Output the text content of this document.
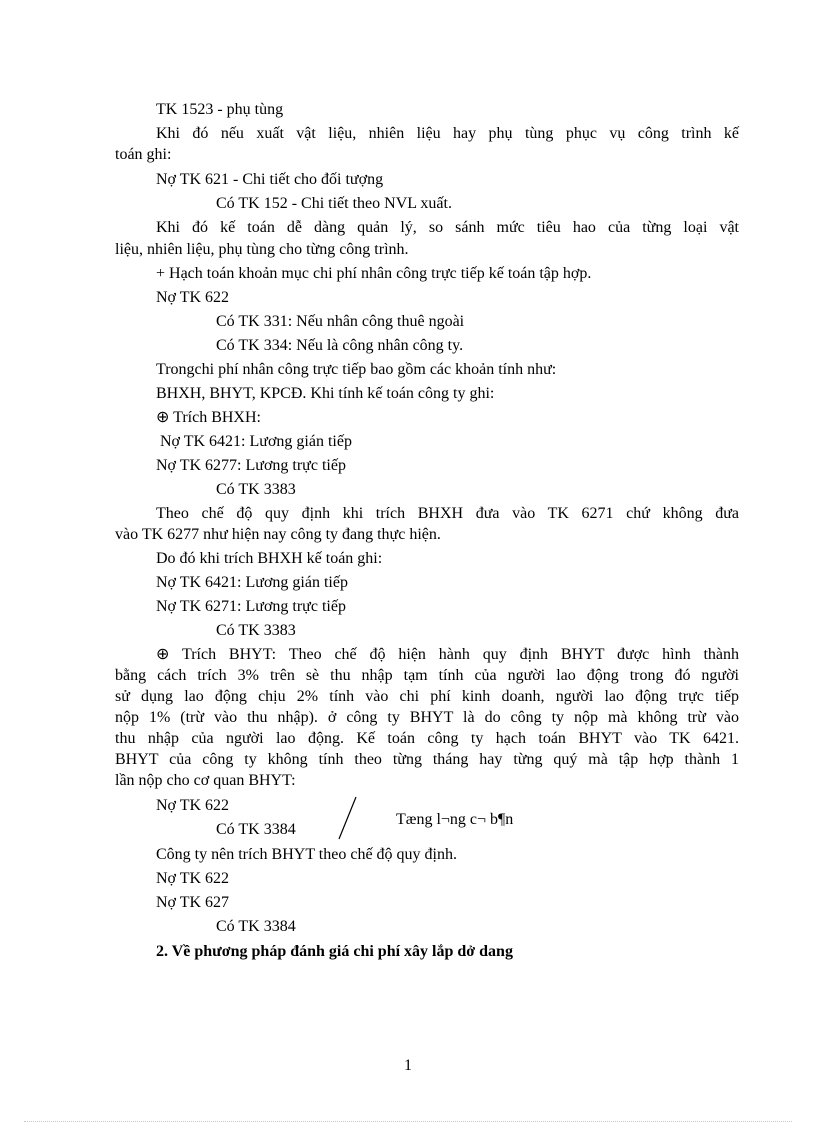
TK 1523 - phụ tùng
Khi đó nếu xuất vật liệu, nhiên liệu hay phụ tùng phục vụ công trình kế
toán ghi:
Nợ TK 621 - Chi tiết cho đối tượng
Có TK 152 - Chi tiết theo NVL xuất.
Khi đó kế toán dễ dàng quản lý, so sánh mức tiêu hao của từng loại vật
liệu, nhiên liệu, phụ tùng cho từng công trình.
+ Hạch toán khoản mục chi phí nhân công trực tiếp kế toán tập hợp.
Nợ TK 622
Có TK 331: Nếu nhân công thuê ngoài
Có TK 334: Nếu là công nhân công ty.
Trongchi phí nhân công trực tiếp bao gồm các khoản tính như:
BHXH, BHYT, KPCĐ. Khi tính kế toán công ty ghi:
⊕ Trích BHXH:
Nợ TK 6421: Lương gián tiếp
Nợ TK 6277: Lương trực tiếp
Có TK 3383
Theo chế độ quy định khi trích BHXH đưa vào TK 6271 chứ không đưa
vào TK 6277 như hiện nay công ty đang thực hiện.
Do đó khi trích BHXH kế toán ghi:
Nợ TK 6421: Lương gián tiếp
Nợ TK 6271: Lương trực tiếp
Có TK 3383
⊕ Trích BHYT: Theo chế độ hiện hành quy định BHYT được hình thành
bằng cách trích 3% trên sè thu nhập tạm tính của người lao động trong đó người
sử dụng lao động chịu 2% tính vào chi phí kinh doanh, người lao động trực tiếp
nộp 1% (trừ vào thu nhập). ở công ty BHYT là do công ty nộp mà không trừ vào
thu nhập của người lao động. Kế toán công ty hạch toán BHYT vào TK 6421.
BHYT của công ty không tính theo từng tháng hay từng quý mà tập hợp thành 1
lần nộp cho cơ quan BHYT:
Nợ TK 622
Có TK 3384
Tæng l¬ng c¬ b¶n
Công ty nên trích BHYT theo chế độ quy định.
Nợ TK 622
Nợ TK 627
Có TK 3384
2. Về phương pháp đánh giá chi phí xây lắp dở dang
1
